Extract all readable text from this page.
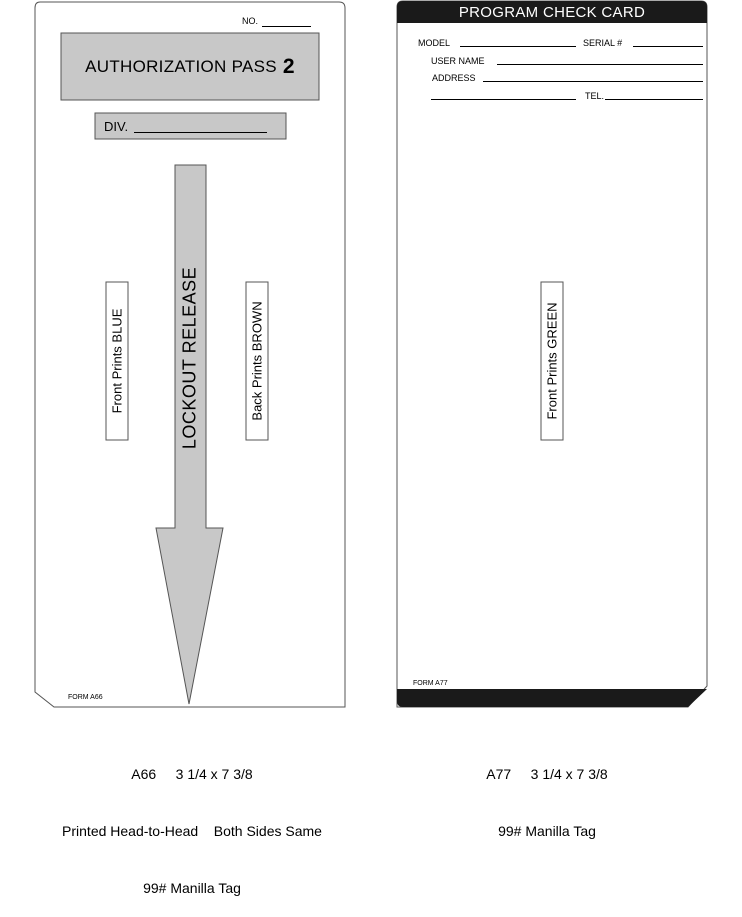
NO.
AUTHORIZATION PASS 2
DIV.
LOCKOUT RELEASE
Front Prints BLUE	Back Prints BROWN
FORM A66
PROGRAM CHECK CARD
MODEL	SERIAL #
USER NAME
ADDRESS
TEL.
Front Prints GREEN
FORM A77

A66     3 1/4 x 7 3/8

Printed Head-to-Head    Both Sides Same

99# Manilla Tag

A77     3 1/4 x 7 3/8

99# Manilla Tag
